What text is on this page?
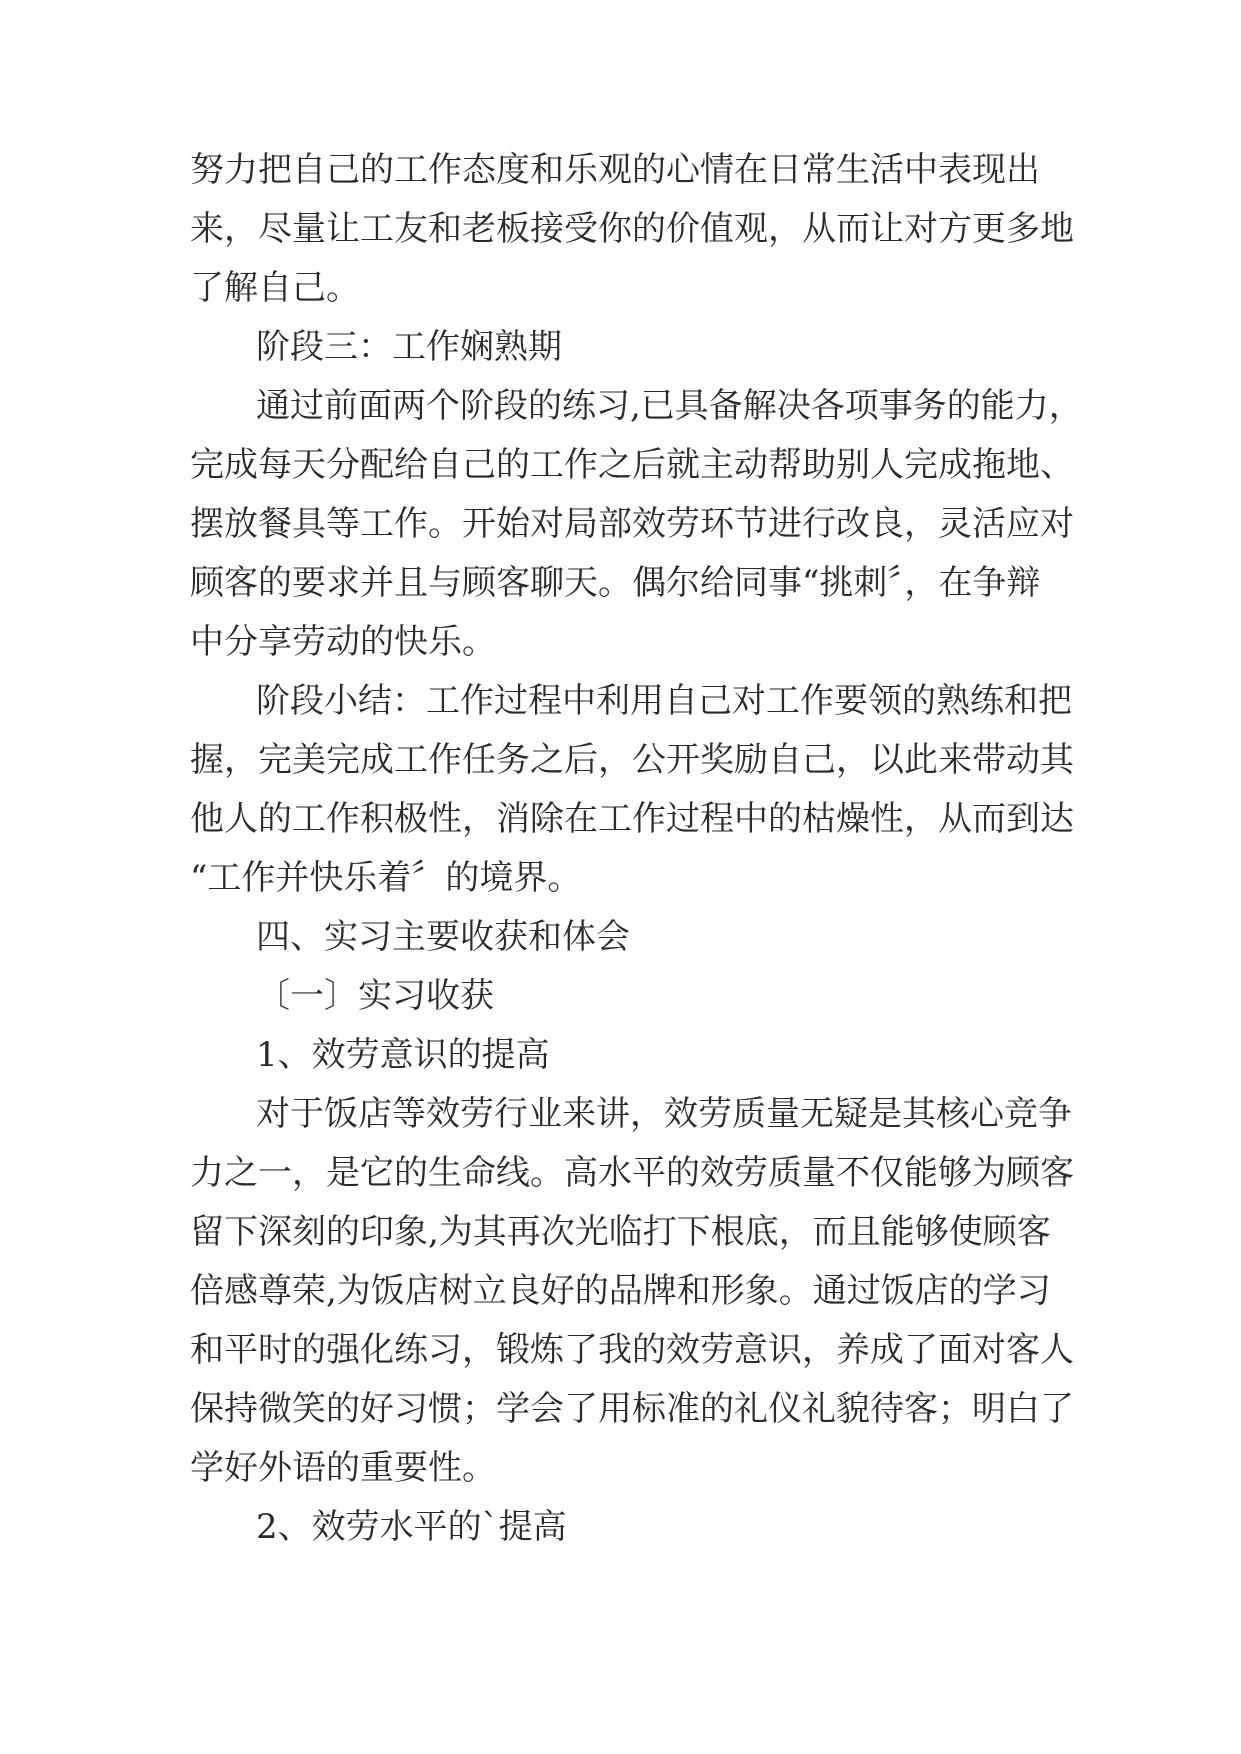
努力把自己的工作态度和乐观的心情在日常生活中表现出
来，尽量让工友和老板接受你的价值观，从而让对方更多地
了解自己。
阶段三：工作娴熟期
通过前面两个阶段的练习,已具备解决各项事务的能力，
完成每天分配给自己的工作之后就主动帮助别人完成拖地、
摆放餐具等工作。开始对局部效劳环节进行改良，灵活应对
顾客的要求并且与顾客聊天。偶尔给同事“挑刺〞，在争辩
中分享劳动的快乐。
阶段小结：工作过程中利用自己对工作要领的熟练和把
握，完美完成工作任务之后，公开奖励自己，以此来带动其
他人的工作积极性，消除在工作过程中的枯燥性，从而到达
“工作并快乐着〞的境界。
四、实习主要收获和体会
〔一〕实习收获
1、效劳意识的提高
对于饭店等效劳行业来讲，效劳质量无疑是其核心竞争
力之一，是它的生命线。高水平的效劳质量不仅能够为顾客
留下深刻的印象,为其再次光临打下根底，而且能够使顾客
倍感尊荣,为饭店树立良好的品牌和形象。通过饭店的学习
和平时的强化练习，锻炼了我的效劳意识，养成了面对客人
保持微笑的好习惯；学会了用标准的礼仪礼貌待客；明白了
学好外语的重要性。
2、效劳水平的`提高
